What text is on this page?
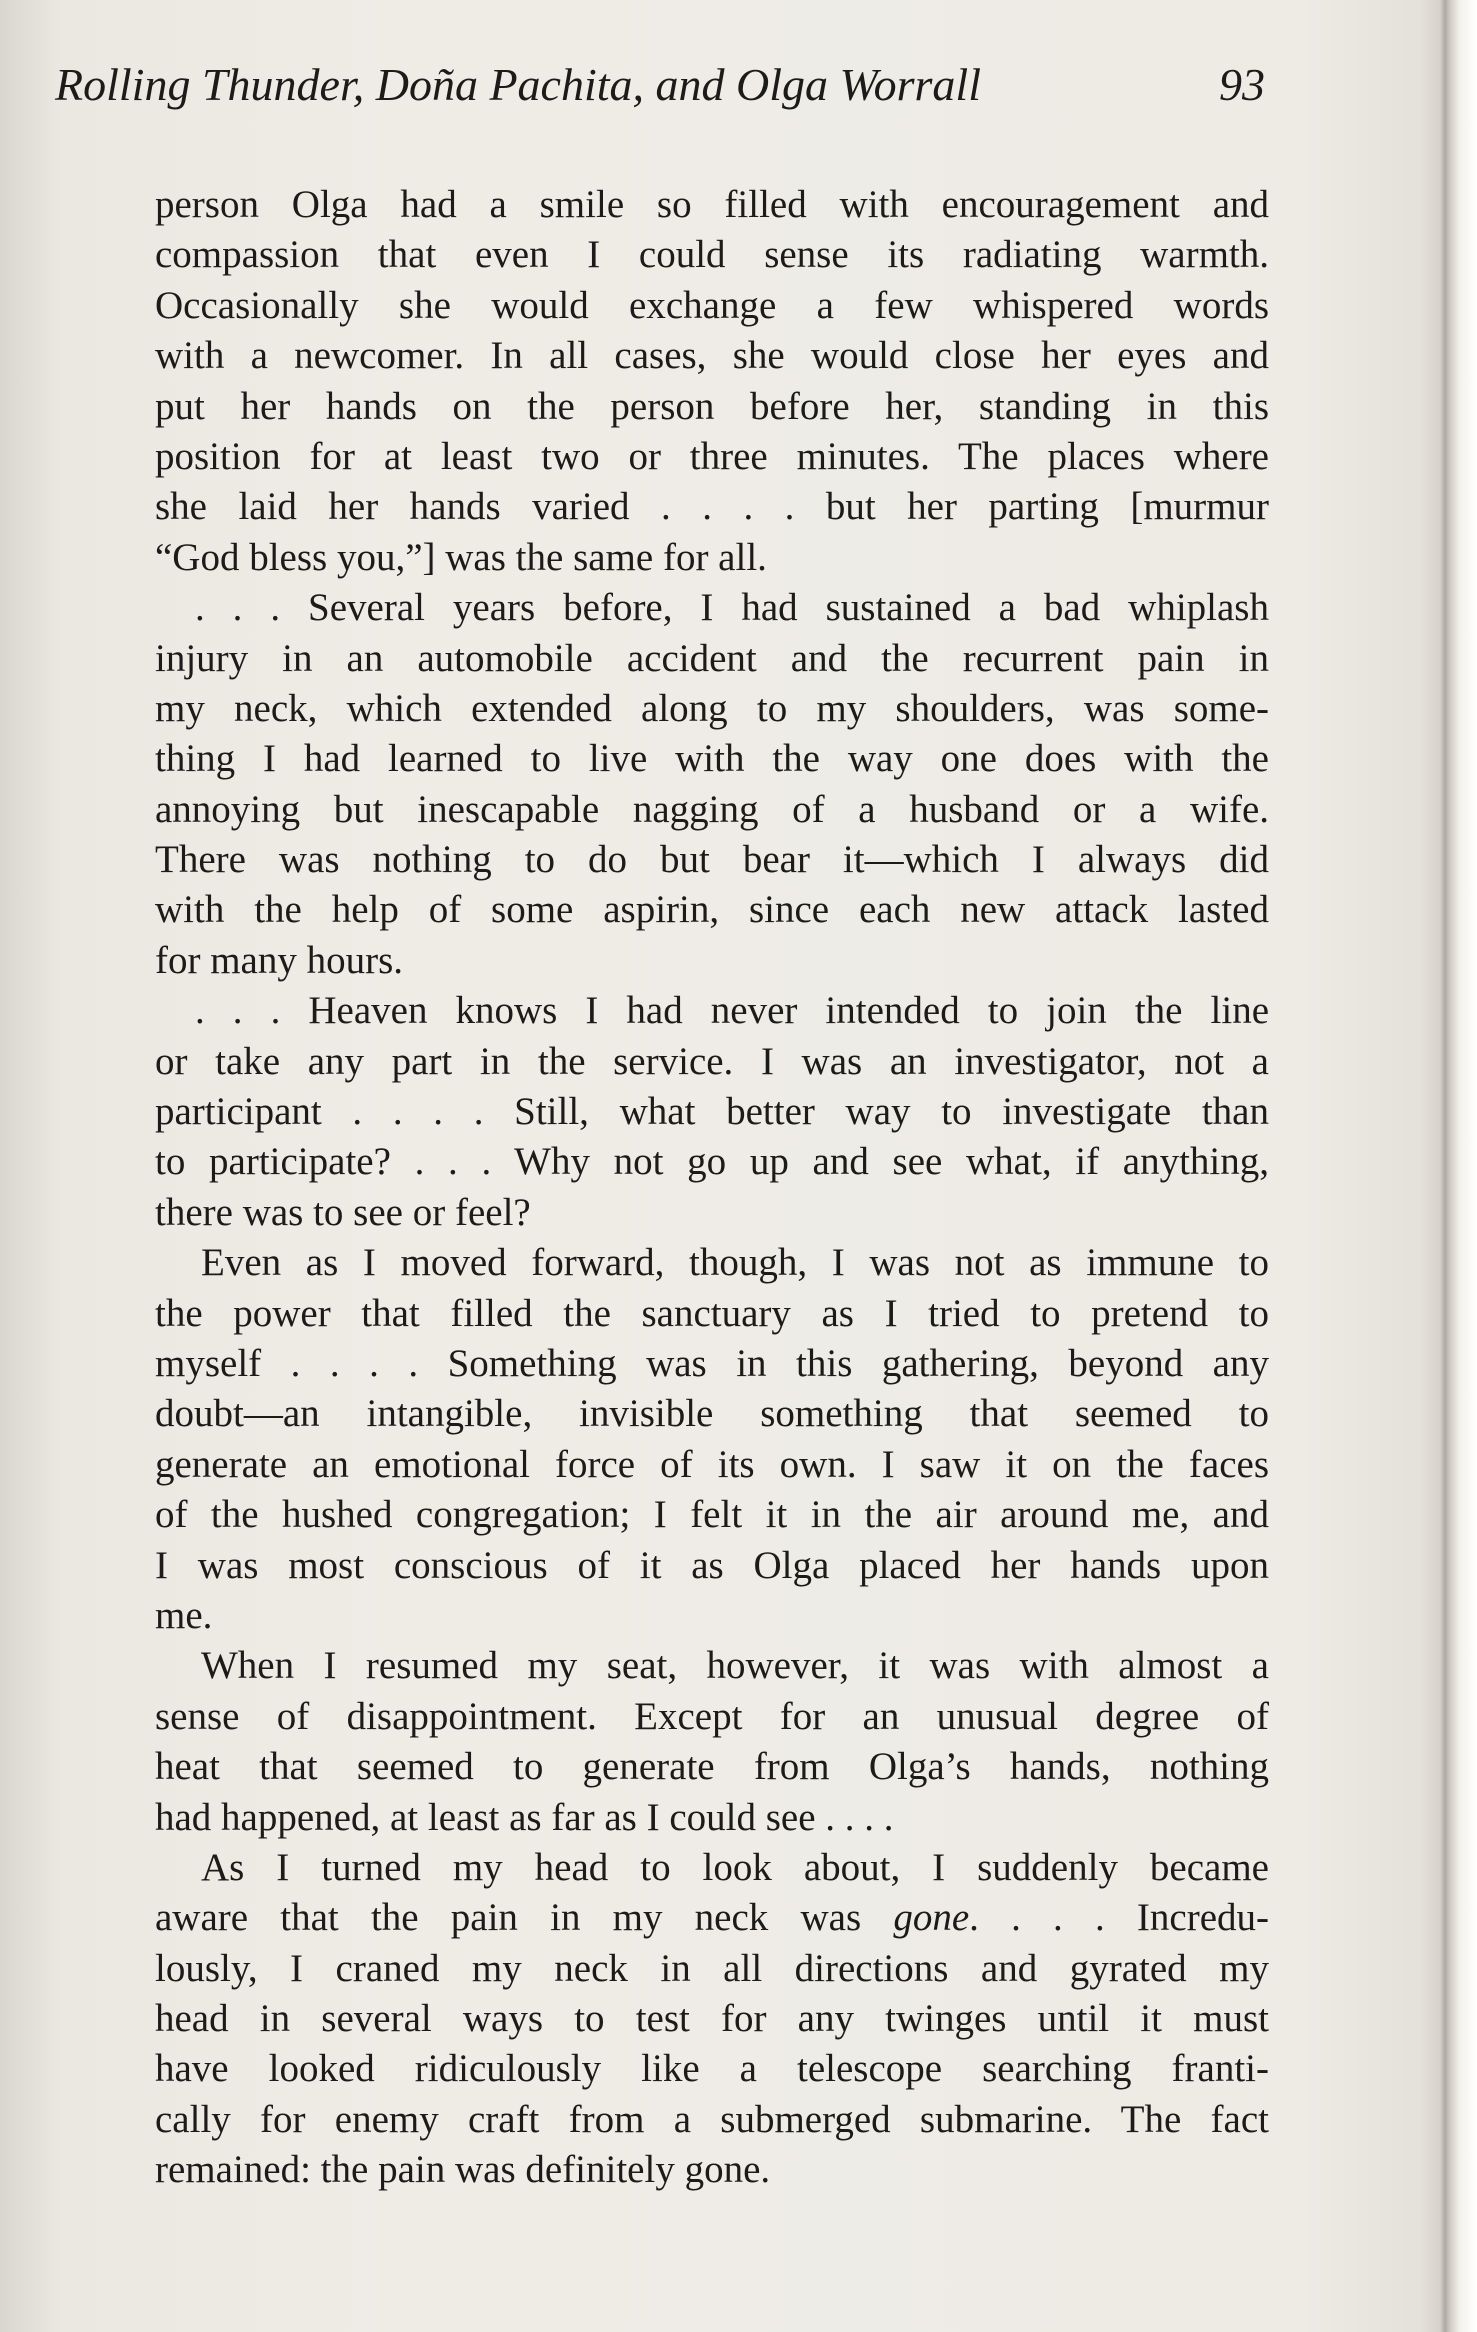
Rolling Thunder, Doña Pachita, and Olga Worrall	93
person Olga had a smile so filled with encouragement and
compassion that even I could sense its radiating warmth.
Occasionally she would exchange a few whispered words
with a newcomer. In all cases, she would close her eyes and
put her hands on the person before her, standing in this
position for at least two or three minutes. The places where
she laid her hands varied . . . . but her parting [murmur
“God bless you,”] was the same for all.
. . . Several years before, I had sustained a bad whiplash
injury in an automobile accident and the recurrent pain in
my neck, which extended along to my shoulders, was some-
thing I had learned to live with the way one does with the
annoying but inescapable nagging of a husband or a wife.
There was nothing to do but bear it—which I always did
with the help of some aspirin, since each new attack lasted
for many hours.
. . . Heaven knows I had never intended to join the line
or take any part in the service. I was an investigator, not a
participant . . . . Still, what better way to investigate than
to participate? . . . Why not go up and see what, if anything,
there was to see or feel?
Even as I moved forward, though, I was not as immune to
the power that filled the sanctuary as I tried to pretend to
myself . . . . Something was in this gathering, beyond any
doubt—an intangible, invisible something that seemed to
generate an emotional force of its own. I saw it on the faces
of the hushed congregation; I felt it in the air around me, and
I was most conscious of it as Olga placed her hands upon
me.
When I resumed my seat, however, it was with almost a
sense of disappointment. Except for an unusual degree of
heat that seemed to generate from Olga’s hands, nothing
had happened, at least as far as I could see . . . .
As I turned my head to look about, I suddenly became
aware that the pain in my neck was gone. . . . Incredu-
lously, I craned my neck in all directions and gyrated my
head in several ways to test for any twinges until it must
have looked ridiculously like a telescope searching franti-
cally for enemy craft from a submerged submarine. The fact
remained: the pain was definitely gone.
